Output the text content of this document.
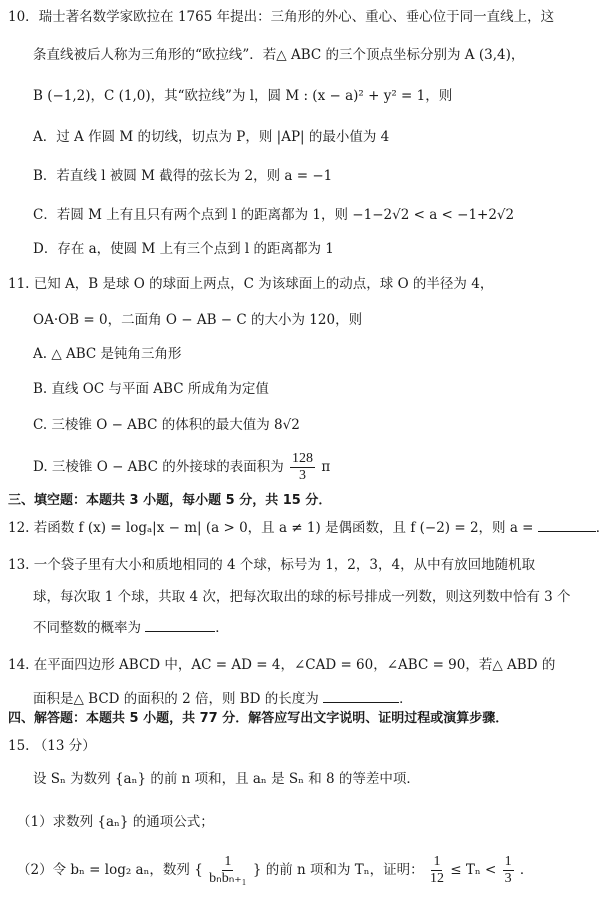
10．瑞士著名数学家欧拉在 1765 年提出：三角形的外心、重心、垂心位于同一直线上，这
条直线被后人称为三角形的“欧拉线”．若△ ABC 的三个顶点坐标分别为 A (3,4)，
B (−1,2)，C (1,0)，其“欧拉线”为 l，圆 M : (x − a)² + y² = 1，则
A．过 A 作圆 M 的切线，切点为 P，则 |AP| 的最小值为 4
B．若直线 l 被圆 M 截得的弦长为 2，则 a = −1
C．若圆 M 上有且只有两个点到 l 的距离都为 1，则 −1−2√2 < a < −1+2√2
D．存在 a，使圆 M 上有三个点到 l 的距离都为 1
11. 已知 A，B 是球 O 的球面上两点，C 为该球面上的动点，球 O 的半径为 4，
OA·OB = 0，二面角 O − AB − C 的大小为 120，则
A. △ ABC 是钝角三角形
B. 直线 OC 与平面 ABC 所成角为定值
C. 三棱锥 O − ABC 的体积的最大值为 8√2
D. 三棱锥 O − ABC 的外接球的表面积为 $\frac{128}{3}$ π
三、填空题：本题共 3 小题，每小题 5 分，共 15 分．
12. 若函数 f (x) = logₐ|x − m| (a > 0，且 a ≠ 1) 是偶函数，且 f (−2) = 2，则 a =	．
13. 一个袋子里有大小和质地相同的 4 个球，标号为 1，2，3，4，从中有放回地随机取
球，每次取 1 个球，共取 4 次，把每次取出的球的标号排成一列数，则这列数中恰有 3 个
不同整数的概率为	．
14. 在平面四边形 ABCD 中，AC = AD = 4，∠CAD = 60，∠ABC = 90，若△ ABD 的
面积是△ BCD 的面积的 2 倍，则 BD 的长度为	．
四、解答题：本题共 5 小题，共 77 分．解答应写出文字说明、证明过程或演算步骤．
15. （13 分）
设 Sₙ 为数列 {aₙ} 的前 n 项和，且 aₙ 是 Sₙ 和 8 的等差中项．
（1）求数列 {aₙ} 的通项公式；
（2）令 bₙ = log₂ aₙ，数列 { $\frac{1}{\text{bₙbₙ₊₁}}$ } 的前 n 项和为 Tₙ，证明： $\frac{1}{12} \le T_n < \frac{1}{3}$ ．
